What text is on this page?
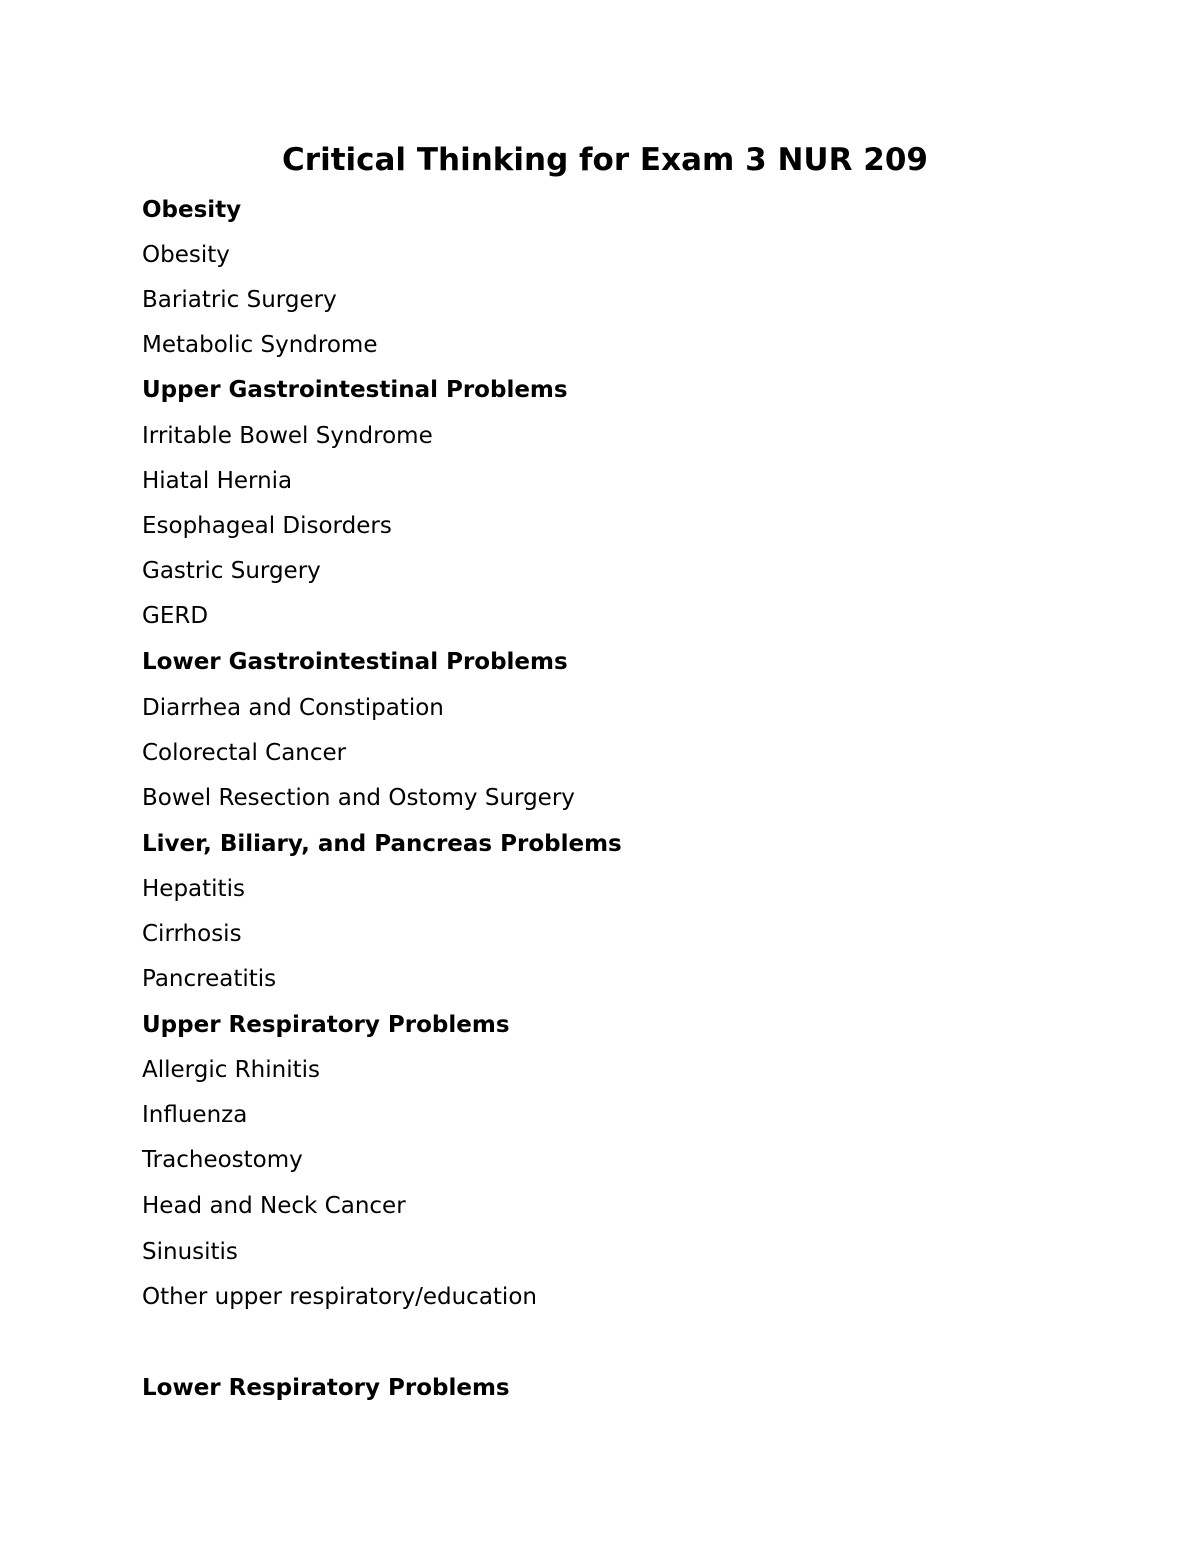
Critical Thinking for Exam 3 NUR 209
Obesity
Obesity
Bariatric Surgery
Metabolic Syndrome
Upper Gastrointestinal Problems
Irritable Bowel Syndrome
Hiatal Hernia
Esophageal Disorders
Gastric Surgery
GERD
Lower Gastrointestinal Problems
Diarrhea and Constipation
Colorectal Cancer
Bowel Resection and Ostomy Surgery
Liver, Biliary, and Pancreas Problems
Hepatitis
Cirrhosis
Pancreatitis
Upper Respiratory Problems
Allergic Rhinitis
Influenza
Tracheostomy
Head and Neck Cancer
Sinusitis
Other upper respiratory/education
Lower Respiratory Problems
